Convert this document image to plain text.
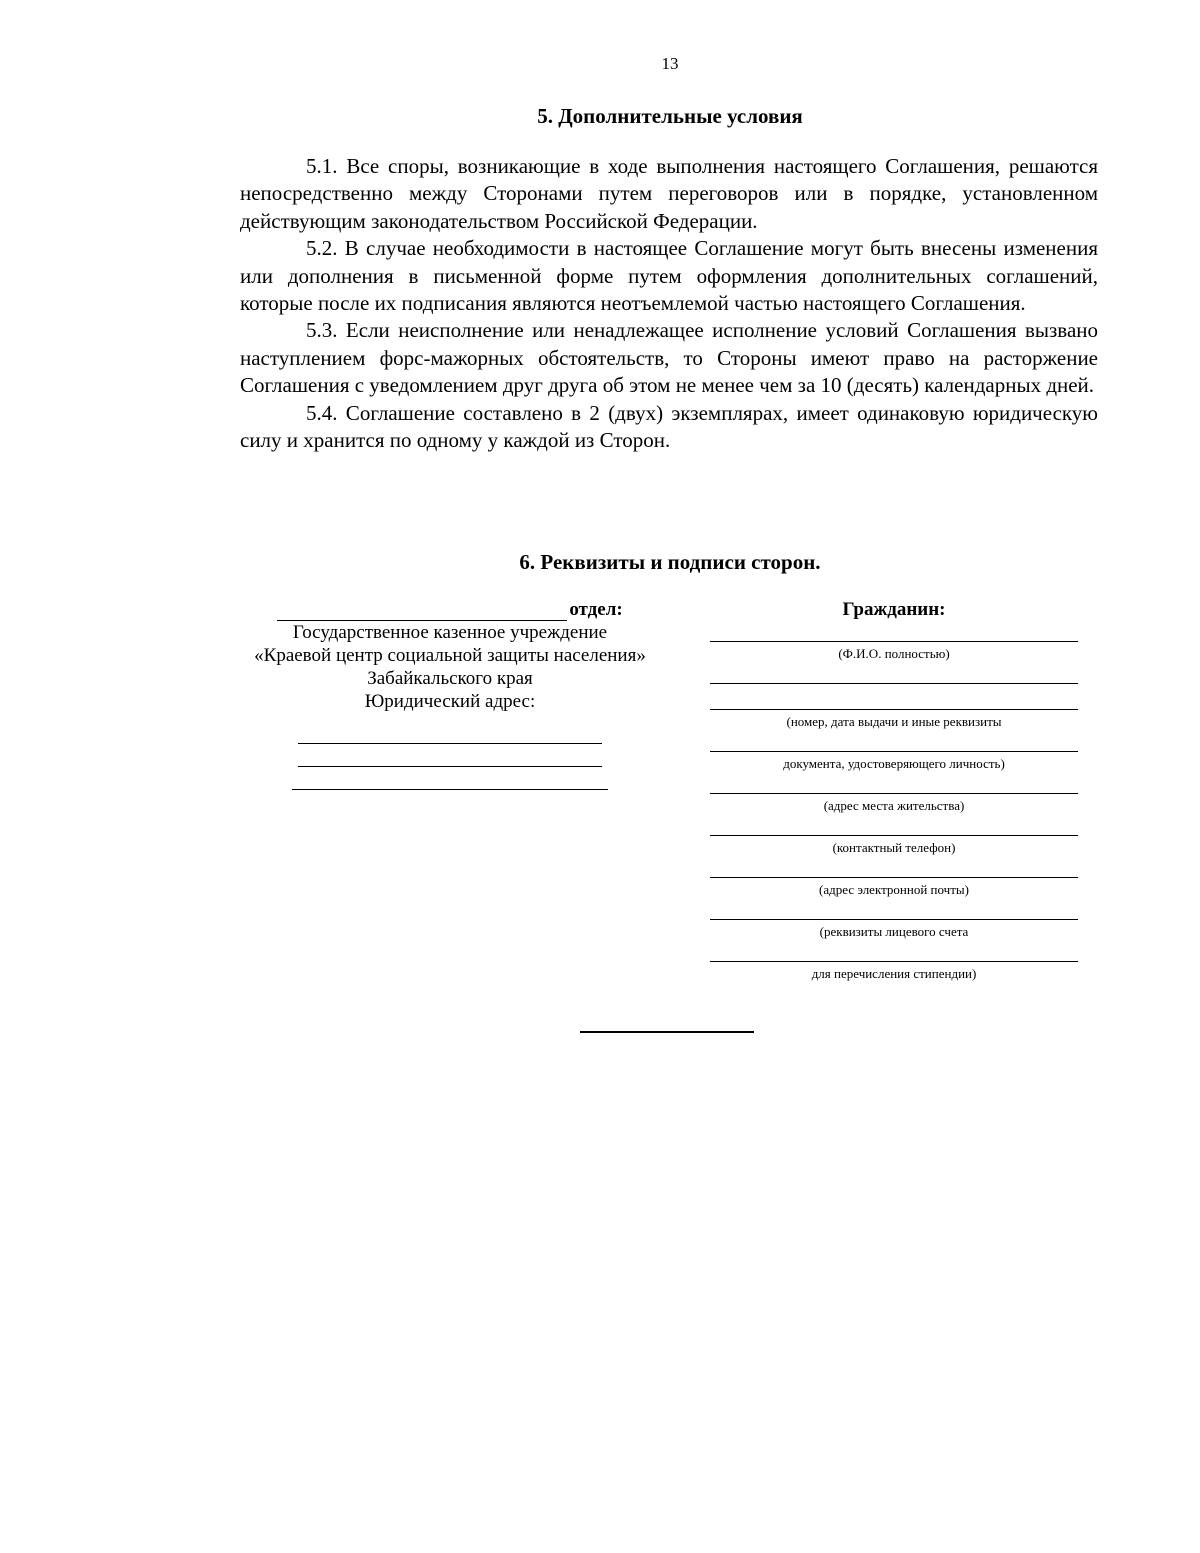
13
5. Дополнительные условия

5.1. Все споры, возникающие в ходе выполнения настоящего Соглашения, решаются непосредственно между Сторонами путем переговоров или в порядке, установленном действующим законодательством Российской Федерации.

5.2. В случае необходимости в настоящее Соглашение могут быть внесены изменения или дополнения в письменной форме путем оформления дополнительных соглашений, которые после их подписания являются неотъемлемой частью настоящего Соглашения.

5.3. Если неисполнение или ненадлежащее исполнение условий Соглашения вызвано наступлением форс-мажорных обстоятельств, то Стороны имеют право на расторжение Соглашения с уведомлением друг друга об этом не менее чем за 10 (десять) календарных дней.

5.4. Соглашение составлено в 2 (двух) экземплярах, имеет одинаковую юридическую силу и хранится по одному у каждой из Сторон.

6. Реквизиты и подписи сторон.
отдел:
Государственное казенное учреждение
«Краевой центр социальной защиты населения»
Забайкальского края
Юридический адрес:
Гражданин:
(Ф.И.О. полностью)
(номер, дата выдачи и иные реквизиты
документа, удостоверяющего личность)
(адрес места жительства)
(контактный телефон)
(адрес электронной почты)
(реквизиты лицевого счета
для перечисления стипендии)
